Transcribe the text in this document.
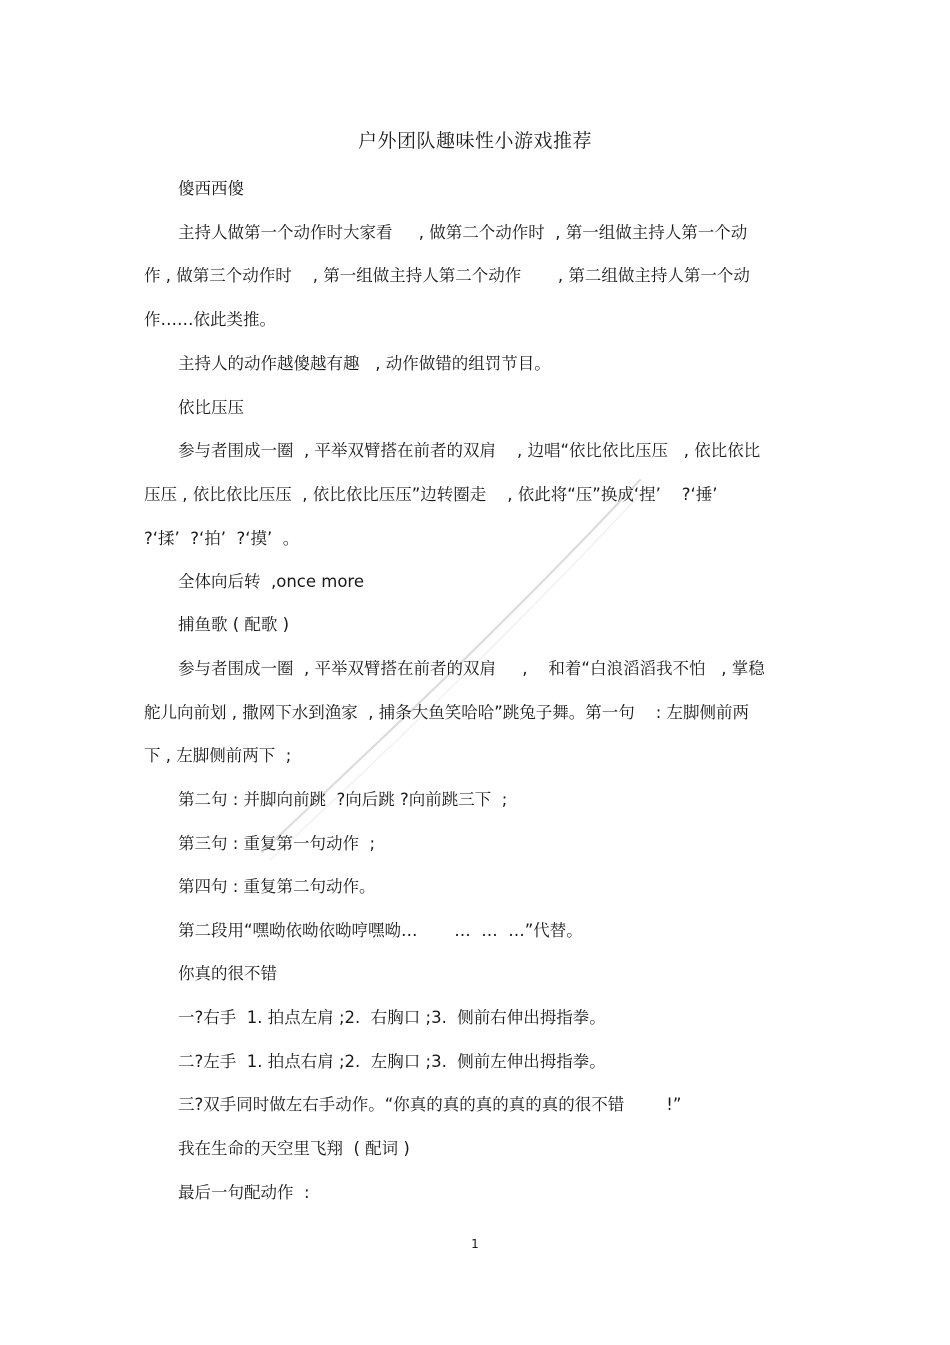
户外团队趣味性小游戏推荐
傻西西傻
主持人做第一个动作时大家看     , 做第二个动作时  , 第一组做主持人第一个动
作 , 做第三个动作时    , 第一组做主持人第二个动作       , 第二组做主持人第一个动
作……依此类推。
主持人的动作越傻越有趣   , 动作做错的组罚节目。
依比压压
参与者围成一圈  , 平举双臂搭在前者的双肩    , 边唱“依比依比压压   , 依比依比
压压 , 依比依比压压  , 依比依比压压”边转圈走    , 依此将“压”换成‘捏’    ?‘捶’
?‘揉’  ?‘拍’  ?‘摸’  。
全体向后转  ,once more
捕鱼歌 ( 配歌 )
参与者围成一圈  , 平举双臂搭在前者的双肩     ,    和着“白浪滔滔我不怕   , 掌稳
舵儿向前划 , 撒网下水到渔家  , 捕条大鱼笑哈哈”跳兔子舞。第一句    : 左脚侧前两
下 , 左脚侧前两下  ;
第二句 : 并脚向前跳  ?向后跳 ?向前跳三下  ;
第三句 : 重复第一句动作  ;
第四句 : 重复第二句动作。
第二段用“嘿呦依呦依呦哼嘿呦…       …  …  …”代替。
你真的很不错
一?右手  1. 拍点左肩 ;2.  右胸口 ;3.  侧前右伸出拇指拳。
二?左手  1. 拍点右肩 ;2.  左胸口 ;3.  侧前左伸出拇指拳。
三?双手同时做左右手动作。“你真的真的真的真的真的很不错        !”
我在生命的天空里飞翔  ( 配词 )
最后一句配动作  :
1
